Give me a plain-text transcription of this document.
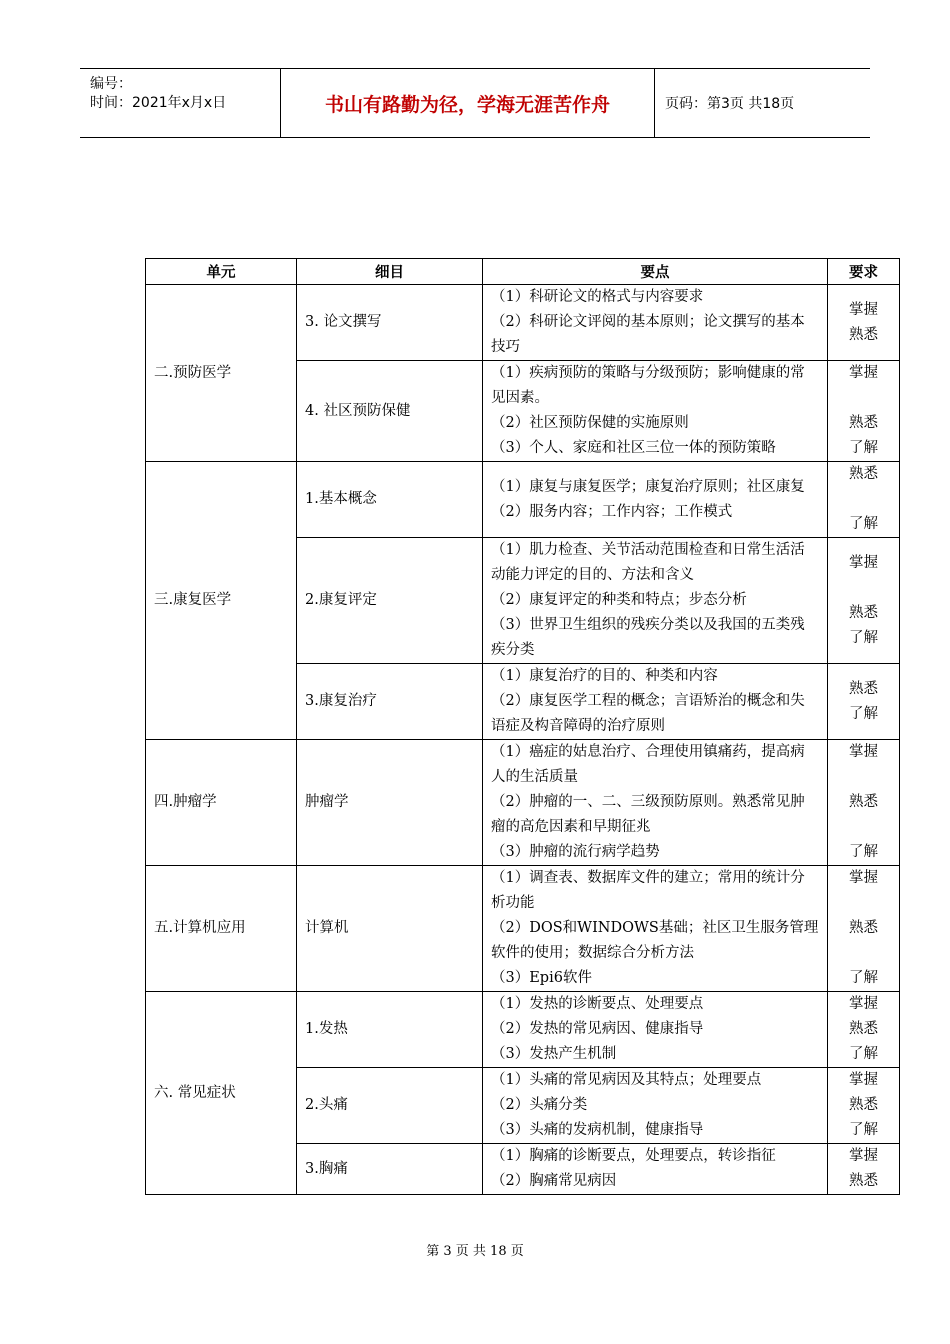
编号：
时间：2021年x月x日	书山有路勤为径，学海无涯苦作舟	页码：第3页 共18页
单元	细目	要点	要求
二.预防医学	3. 论文撰写	（1）科研论文的格式与内容要求
（2）科研论文评阅的基本原则；论文撰写的基本技巧	掌握
熟悉

	4. 社区预防保健	（1）疾病预防的策略与分级预防；影响健康的常见因素。
（2）社区预防保健的实施原则
（3）个人、家庭和社区三位一体的预防策略	掌握

熟悉
了解

三.康复医学	1.基本概念	（1）康复与康复医学；康复治疗原则；社区康复
（2）服务内容；工作内容；工作模式	熟悉

了解

	2.康复评定	（1）肌力检查、关节活动范围检查和日常生活活动能力评定的目的、方法和含义
（2）康复评定的种类和特点；步态分析
（3）世界卫生组织的残疾分类以及我国的五类残疾分类	掌握

熟悉
了解

	3.康复治疗	（1）康复治疗的目的、种类和内容
（2）康复医学工程的概念；言语矫治的概念和失语症及构音障碍的治疗原则	熟悉
了解

四.肿瘤学	肿瘤学	（1）癌症的姑息治疗、合理使用镇痛药，提高病人的生活质量
（2）肿瘤的一、二、三级预防原则。熟悉常见肿瘤的高危因素和早期征兆
（3）肿瘤的流行病学趋势	掌握

熟悉

了解

五.计算机应用	计算机	（1）调查表、数据库文件的建立；常用的统计分析功能
（2）DOS和WINDOWS基础；社区卫生服务管理软件的使用；数据综合分析方法
（3）Epi6软件	掌握

熟悉

了解

六. 常见症状	1.发热	（1）发热的诊断要点、处理要点
（2）发热的常见病因、健康指导
（3）发热产生机制	掌握
熟悉
了解

	2.头痛	（1）头痛的常见病因及其特点；处理要点
（2）头痛分类
（3）头痛的发病机制，健康指导	掌握
熟悉
了解

	3.胸痛	（1）胸痛的诊断要点，处理要点，转诊指征
（2）胸痛常见病因	掌握
熟悉
第 3 页 共 18 页
